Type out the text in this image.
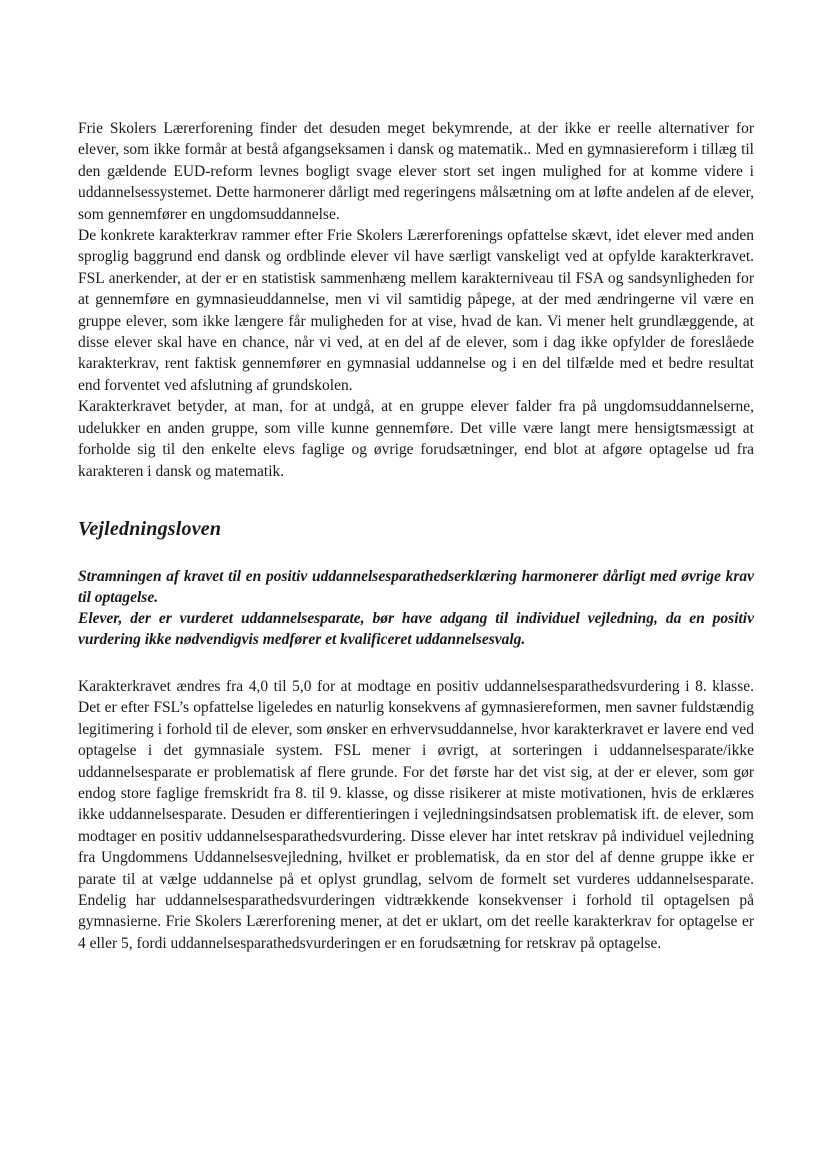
Frie Skolers Lærerforening finder det desuden meget bekymrende, at der ikke er reelle alternativer for elever, som ikke formår at bestå afgangseksamen i dansk og matematik.. Med en gymnasiereform i tillæg til den gældende EUD-reform levnes bogligt svage elever stort set ingen mulighed for at komme videre i uddannelsessystemet. Dette harmonerer dårligt med regeringens målsætning om at løfte andelen af de elever, som gennemfører en ungdomsuddannelse.

De konkrete karakterkrav rammer efter Frie Skolers Lærerforenings opfattelse skævt, idet elever med anden sproglig baggrund end dansk og ordblinde elever vil have særligt vanskeligt ved at opfylde karakterkravet. FSL anerkender, at der er en statistisk sammenhæng mellem karakterniveau til FSA og sandsynligheden for at gennemføre en gymnasieuddannelse, men vi vil samtidig påpege, at der med ændringerne vil være en gruppe elever, som ikke længere får muligheden for at vise, hvad de kan. Vi mener helt grundlæggende, at disse elever skal have en chance, når vi ved, at en del af de elever, som i dag ikke opfylder de foreslåede karakterkrav, rent faktisk gennemfører en gymnasial uddannelse og i en del tilfælde med et bedre resultat end forventet ved afslutning af grundskolen.

Karakterkravet betyder, at man, for at undgå, at en gruppe elever falder fra på ungdomsuddannelserne, udelukker en anden gruppe, som ville kunne gennemføre. Det ville være langt mere hensigtsmæssigt at forholde sig til den enkelte elevs faglige og øvrige forudsætninger, end blot at afgøre optagelse ud fra karakteren i dansk og matematik.

Vejledningsloven
Stramningen af kravet til en positiv uddannelsesparathedserklæring harmonerer dårligt med øvrige krav til optagelse.
Elever, der er vurderet uddannelsesparate, bør have adgang til individuel vejledning, da en positiv vurdering ikke nødvendigvis medfører et kvalificeret uddannelsesvalg.

Karakterkravet ændres fra 4,0 til 5,0 for at modtage en positiv uddannelsesparathedsvurdering i 8. klasse. Det er efter FSL’s opfattelse ligeledes en naturlig konsekvens af gymnasiereformen, men savner fuldstændig legitimering i forhold til de elever, som ønsker en erhvervsuddannelse, hvor karakterkravet er lavere end ved optagelse i det gymnasiale system. FSL mener i øvrigt, at sorteringen i uddannelsesparate/ikke uddannelsesparate er problematisk af flere grunde. For det første har det vist sig, at der er elever, som gør endog store faglige fremskridt fra 8. til 9. klasse, og disse risikerer at miste motivationen, hvis de erklæres ikke uddannelsesparate. Desuden er differentieringen i vejledningsindsatsen problematisk ift. de elever, som modtager en positiv uddannelsesparathedsvurdering. Disse elever har intet retskrav på individuel vejledning fra Ungdommens Uddannelsesvejledning, hvilket er problematisk, da en stor del af denne gruppe ikke er parate til at vælge uddannelse på et oplyst grundlag, selvom de formelt set vurderes uddannelsesparate. Endelig har uddannelsesparathedsvurderingen vidtrækkende konsekvenser i forhold til optagelsen på gymnasierne. Frie Skolers Lærerforening mener, at det er uklart, om det reelle karakterkrav for optagelse er 4 eller 5, fordi uddannelsesparathedsvurderingen er en forudsætning for retskrav på optagelse.
